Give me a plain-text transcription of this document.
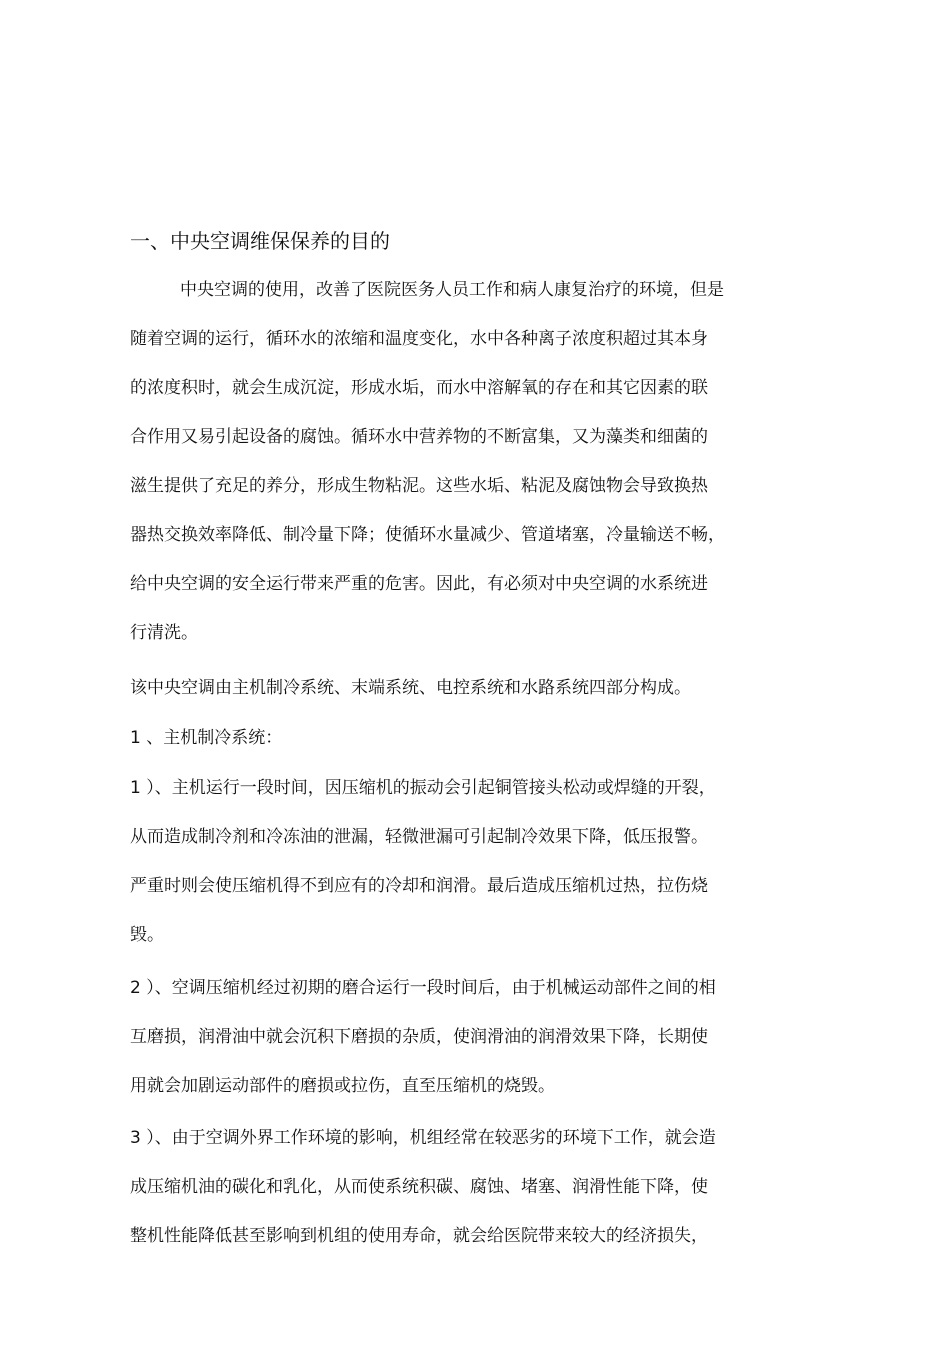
一、中央空调维保保养的目的
中央空调的使用，改善了医院医务人员工作和病人康复治疗的环境，但是
随着空调的运行，循环水的浓缩和温度变化，水中各种离子浓度积超过其本身
的浓度积时，就会生成沉淀，形成水垢，而水中溶解氧的存在和其它因素的联
合作用又易引起设备的腐蚀。循环水中营养物的不断富集，又为藻类和细菌的
滋生提供了充足的养分，形成生物粘泥。这些水垢、粘泥及腐蚀物会导致换热
器热交换效率降低、制冷量下降；使循环水量减少、管道堵塞，冷量输送不畅，
给中央空调的安全运行带来严重的危害。因此，有必须对中央空调的水系统进
行清洗。
该中央空调由主机制冷系统、末端系统、电控系统和水路系统四部分构成。
1 、主机制冷系统：
1 ）、主机运行一段时间，因压缩机的振动会引起铜管接头松动或焊缝的开裂，
从而造成制冷剂和冷冻油的泄漏，轻微泄漏可引起制冷效果下降，低压报警。
严重时则会使压缩机得不到应有的冷却和润滑。最后造成压缩机过热，拉伤烧
毁。
2 ）、空调压缩机经过初期的磨合运行一段时间后，由于机械运动部件之间的相
互磨损，润滑油中就会沉积下磨损的杂质，使润滑油的润滑效果下降，长期使
用就会加剧运动部件的磨损或拉伤，直至压缩机的烧毁。
3 ）、由于空调外界工作环境的影响，机组经常在较恶劣的环境下工作，就会造
成压缩机油的碳化和乳化，从而使系统积碳、腐蚀、堵塞、润滑性能下降，使
整机性能降低甚至影响到机组的使用寿命，就会给医院带来较大的经济损失，
